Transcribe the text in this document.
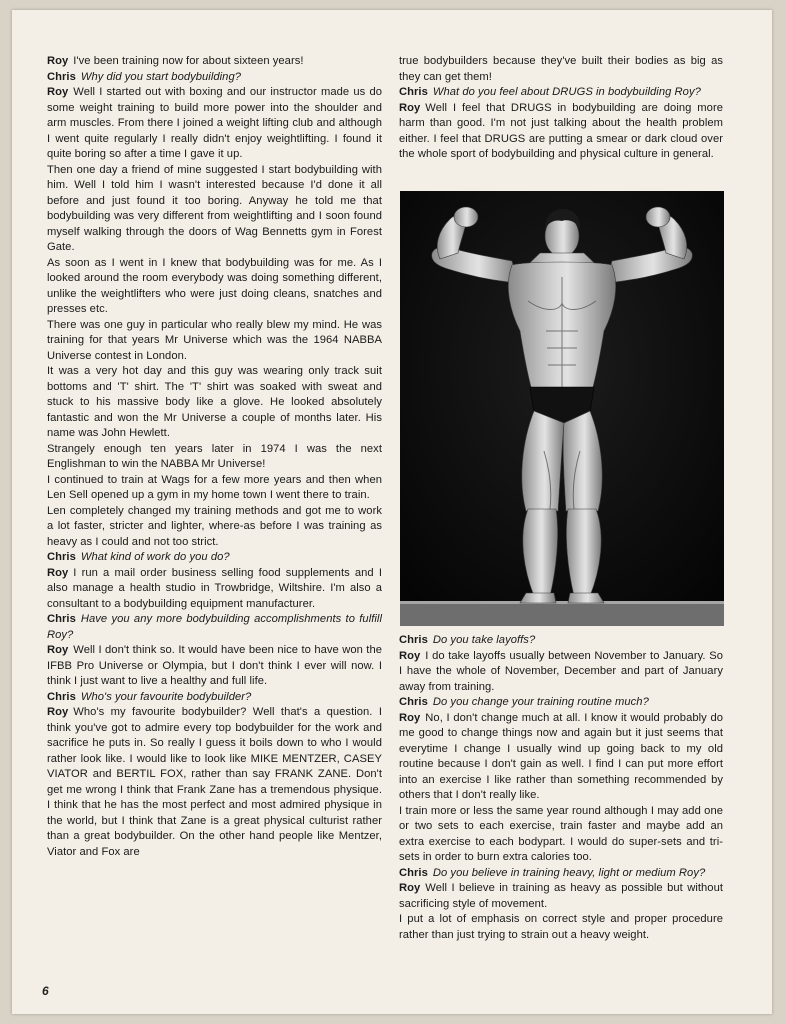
Roy I've been training now for about sixteen years!

Chris Why did you start bodybuilding?

Roy Well I started out with boxing and our instructor made us do some weight training to build more power into the shoulder and arm muscles. From there I joined a weight lifting club and although I went quite regularly I really didn't enjoy weightlifting. I found it quite boring so after a time I gave it up.

Then one day a friend of mine suggested I start bodybuilding with him. Well I told him I wasn't interested because I'd done it all before and just found it too boring. Anyway he told me that bodybuilding was very different from weightlifting and I soon found myself walking through the doors of Wag Bennetts gym in Forest Gate.

As soon as I went in I knew that bodybuilding was for me. As I looked around the room everybody was doing something different, unlike the weightlifters who were just doing cleans, snatches and presses etc.

There was one guy in particular who really blew my mind. He was training for that years Mr Universe which was the 1964 NABBA Universe contest in London.

It was a very hot day and this guy was wearing only track suit bottoms and 'T' shirt. The 'T' shirt was soaked with sweat and stuck to his massive body like a glove. He looked absolutely fantastic and won the Mr Universe a couple of months later. His name was John Hewlett.

Strangely enough ten years later in 1974 I was the next Englishman to win the NABBA Mr Universe!

I continued to train at Wags for a few more years and then when Len Sell opened up a gym in my home town I went there to train.

Len completely changed my training methods and got me to work a lot faster, stricter and lighter, where-as before I was training as heavy as I could and not too strict.

Chris What kind of work do you do?

Roy I run a mail order business selling food supplements and I also manage a health studio in Trowbridge, Wiltshire. I'm also a consultant to a bodybuilding equipment manufacturer.

Chris Have you any more bodybuilding accomplishments to fulfill Roy?

Roy Well I don't think so. It would have been nice to have won the IFBB Pro Universe or Olympia, but I don't think I ever will now. I think I just want to live a healthy and full life.

Chris Who's your favourite bodybuilder?

Roy Who's my favourite bodybuilder? Well that's a question. I think you've got to admire every top bodybuilder for the work and sacrifice he puts in. So really I guess it boils down to who I would rather look like. I would like to look like MIKE MENTZER, CASEY VIATOR and BERTIL FOX, rather than say FRANK ZANE. Don't get me wrong I think that Frank Zane has a tremendous physique. I think that he has the most perfect and most admired physique in the world, but I think that Zane is a great physical culturist rather than a great bodybuilder. On the other hand people like Mentzer, Viator and Fox are

true bodybuilders because they've built their bodies as big as they can get them!

Chris What do you feel about DRUGS in bodybuilding Roy?

Roy Well I feel that DRUGS in bodybuilding are doing more harm than good. I'm not just talking about the health problem either. I feel that DRUGS are putting a smear or dark cloud over the whole sport of bodybuilding and physical culture in general.

Chris Do you take layoffs?

Roy I do take layoffs usually between November to January. So I have the whole of November, December and part of January away from training.

Chris Do you change your training routine much?

Roy No, I don't change much at all. I know it would probably do me good to change things now and again but it just seems that everytime I change I usually wind up going back to my old routine because I don't gain as well. I find I can put more effort into an exercise I like rather than something recommended by others that I don't really like.

I train more or less the same year round although I may add one or two sets to each exercise, train faster and maybe add an extra exercise to each bodypart. I would do super-sets and tri-sets in order to burn extra calories too.

Chris Do you believe in training heavy, light or medium Roy?

Roy Well I believe in training as heavy as possible but without sacrificing style of movement.

I put a lot of emphasis on correct style and proper procedure rather than just trying to strain out a heavy weight.

6
